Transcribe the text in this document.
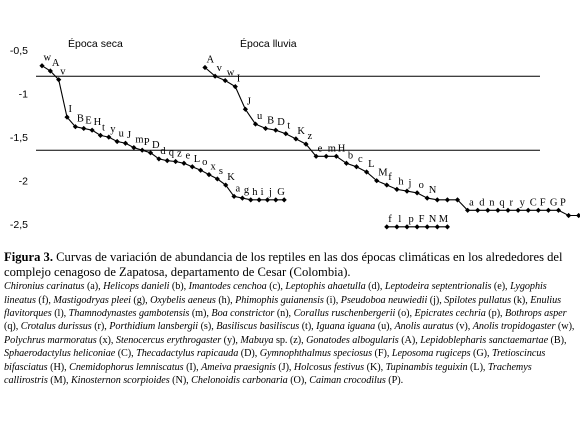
-0,5
-1
-1,5
-2
-2,5
Época seca	Época lluvia
w A
v
I
B E H t y u J m P D
d q z e L o x s
K
a g h i j G
A
v w
I
J
u B D t K z
e m H
b c L
M f h j o N
a d n q r y C F G P
f l p F N M

Figura 3. Curvas de variación de abundancia de los reptiles en las dos épocas climáticas en los alrededores del complejo cenagoso de Zapatosa, departamento de Cesar (Colombia).

Chironius carinatus (a), Helicops danieli (b), Imantodes cenchoa (c), Leptophis ahaetulla (d), Leptodeira septentrionalis (e), Lygophis lineatus (f), Mastigodryas pleei (g), Oxybelis aeneus (h), Phimophis guianensis (i), Pseudoboa neuwiedii (j), Spilotes pullatus (k), Enulius flavitorques (l), Thamnodynastes gambotensis (m), Boa constrictor (n), Corallus ruschenbergerii (o), Epicrates cechria (p), Bothrops asper (q), Crotalus durissus (r), Porthidium lansbergii (s), Basiliscus basiliscus (t), Iguana iguana (u), Anolis auratus (v), Anolis tropidogaster (w), Polychrus marmoratus (x), Stenocercus erythrogaster (y), Mabuya sp. (z), Gonatodes albogularis (A), Lepidoblepharis sanctaemartae (B), Sphaerodactylus heliconiae (C), Thecadactylus rapicauda (D), Gymnophthalmus speciosus (F), Leposoma rugiceps (G), Tretioscincus bifasciatus (H), Cnemidophorus lemniscatus (I), Ameiva praesignis (J), Holcosus festivus (K), Tupinambis teguixin (L), Trachemys callirostris (M), Kinosternon scorpioides (N), Chelonoidis carbonaria (O), Caiman crocodilus (P).
